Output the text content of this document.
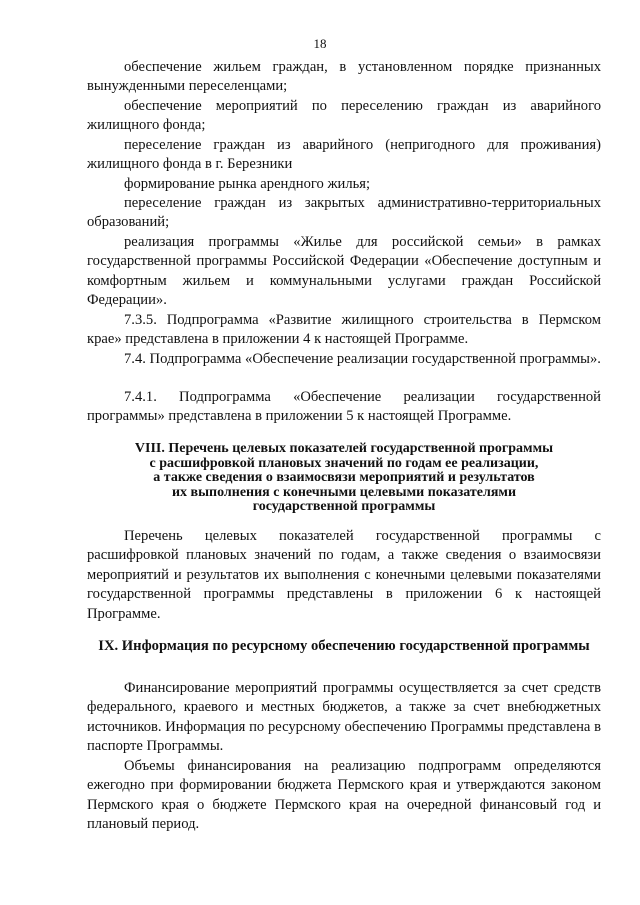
18

обеспечение жильем граждан, в установленном порядке признанных вынужденными переселенцами;

обеспечение мероприятий по переселению граждан из аварийного жилищного фонда;

переселение граждан из аварийного (непригодного для проживания) жилищного фонда в г. Березники

формирование рынка арендного жилья;

переселение граждан из закрытых административно-территориальных образований;

реализация программы «Жилье для российской семьи» в рамках государственной программы Российской Федерации «Обеспечение доступным и комфортным жильем и коммунальными услугами граждан Российской Федерации».

7.3.5. Подпрограмма «Развитие жилищного строительства в Пермском крае» представлена в приложении 4 к настоящей Программе.

7.4. Подпрограмма «Обеспечение реализации государственной программы».

7.4.1. Подпрограмма «Обеспечение реализации государственной программы» представлена в приложении 5 к настоящей Программе.

VIII. Перечень целевых показателей государственной программы
с расшифровкой плановых значений по годам ее реализации,
а также сведения о взаимосвязи мероприятий и результатов
их выполнения с конечными целевыми показателями
государственной программы

Перечень целевых показателей государственной программы с расшифровкой плановых значений по годам, а также сведения о взаимосвязи мероприятий и результатов их выполнения с конечными целевыми показателями государственной программы представлены в приложении 6 к настоящей Программе.

IX. Информация по ресурсному обеспечению государственной программы

Финансирование мероприятий программы осуществляется за счет средств федерального, краевого и местных бюджетов, а также за счет внебюджетных источников. Информация по ресурсному обеспечению Программы представлена в паспорте Программы.

Объемы финансирования на реализацию подпрограмм определяются ежегодно при формировании бюджета Пермского края и утверждаются законом Пермского края о бюджете Пермского края на очередной финансовый год и плановый период.
